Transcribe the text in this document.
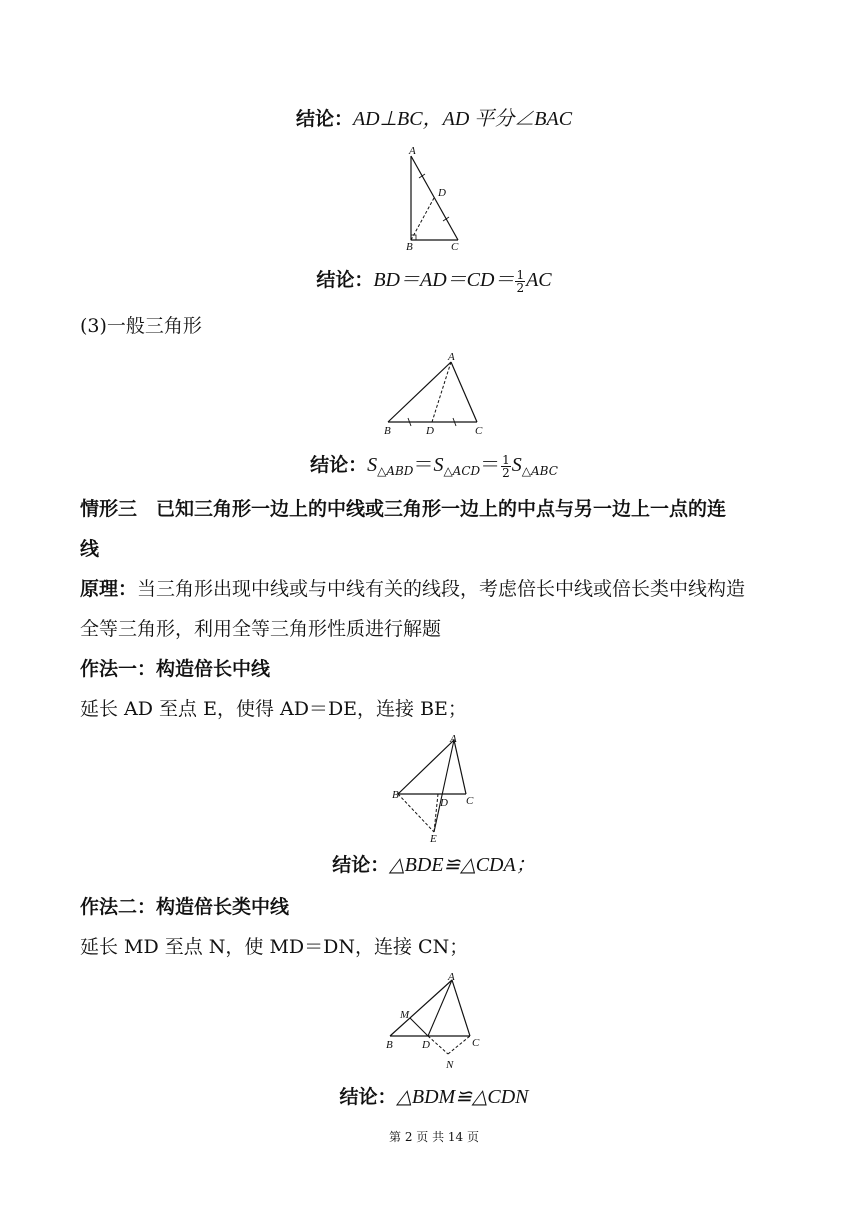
结论：AD⊥BC，AD 平分∠BAC
A
D
B	C
结论：$BD=AD=CD= \frac{1}{2}$ AC
(3)一般三角形
A
B	D	C
结论：$S_{\triangle ABD}=S_{\triangle ACD}= \frac{1}{2} S_{\triangle ABC}$
情形三　已知三角形一边上的中线或三角形一边上的中点与另一边上一点的连
线
原理：当三角形出现中线或与中线有关的线段，考虑倍长中线或倍长类中线构造
全等三角形，利用全等三角形性质进行解题
作法一：构造倍长中线
延长 AD 至点 E，使得 AD＝DE，连接 BE；
A
B
D C
E
结论：△BDE≌△CDA；
作法二：构造倍长类中线
延长 MD 至点 N，使 MD＝DN，连接 CN；
A
M
B	D	C
N
结论：△BDM≌△CDN
第 2 页 共 14 页
